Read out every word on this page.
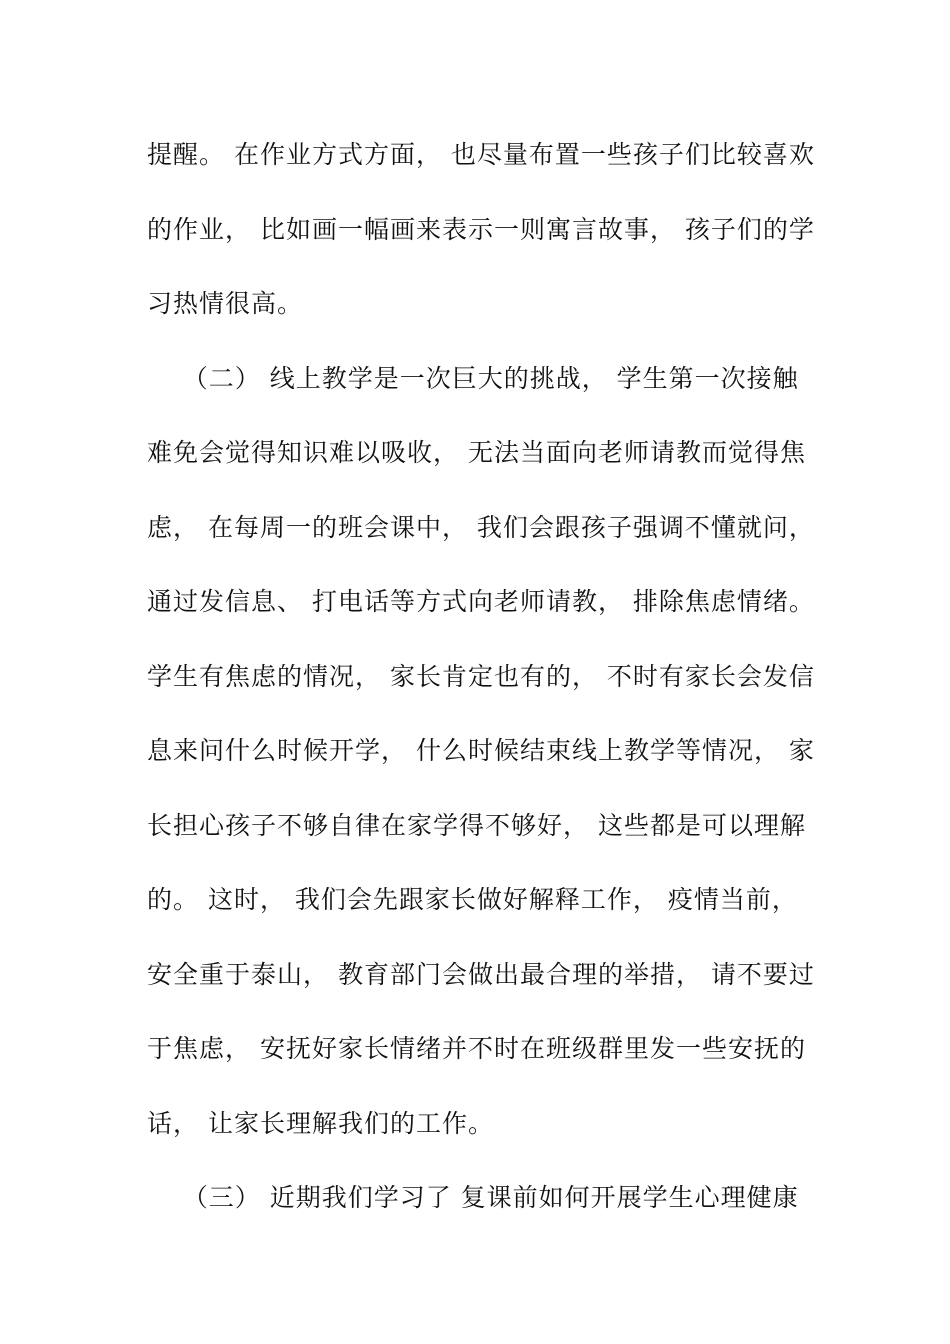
提醒。 在作业方式方面， 也尽量布置一些孩子们比较喜欢
的作业， 比如画一幅画来表示一则寓言故事， 孩子们的学
习热情很高。
（二） 线上教学是一次巨大的挑战， 学生第一次接触
难免会觉得知识难以吸收， 无法当面向老师请教而觉得焦
虑， 在每周一的班会课中， 我们会跟孩子强调不懂就问，
通过发信息、 打电话等方式向老师请教， 排除焦虑情绪。
学生有焦虑的情况， 家长肯定也有的， 不时有家长会发信
息来问什么时候开学， 什么时候结束线上教学等情况， 家
长担心孩子不够自律在家学得不够好， 这些都是可以理解
的。 这时， 我们会先跟家长做好解释工作， 疫情当前，
安全重于泰山， 教育部门会做出最合理的举措， 请不要过
于焦虑， 安抚好家长情绪并不时在班级群里发一些安抚的
话， 让家长理解我们的工作。
（三） 近期我们学习了 复课前如何开展学生心理健康
